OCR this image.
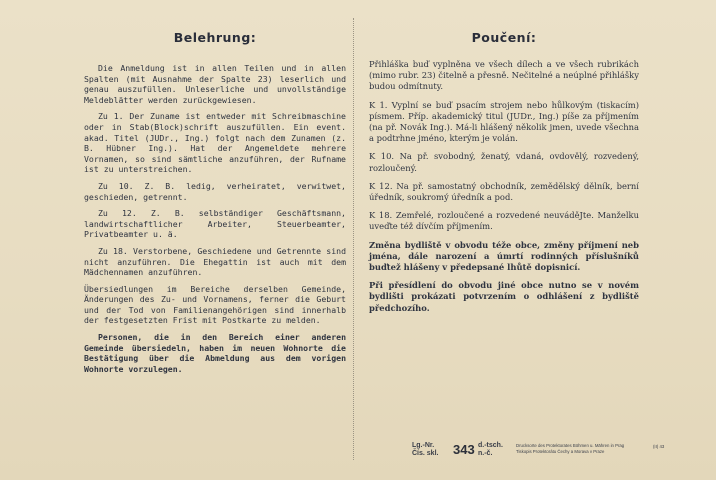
Belehrung:

Die Anmeldung ist in allen Teilen und in allen Spalten (mit Ausnahme der Spalte 23) leserlich und genau auszufüllen. Unleserliche und unvollständige Meldeblätter werden zurückgewiesen.

Zu 1. Der Zuname ist entweder mit Schreibmaschine oder in Stab(Block)schrift auszufüllen. Ein event. akad. Titel (JUDr., Ing.) folgt nach dem Zunamen (z. B. Hübner Ing.). Hat der Angemeldete mehrere Vornamen, so sind sämtliche anzuführen, der Rufname ist zu unterstreichen.

Zu 10. Z. B. ledig, verheiratet, verwitwet, geschieden, getrennt.

Zu 12. Z. B. selbständiger Geschäftsmann, landwirtschaftlicher Arbeiter, Steuerbeamter, Privatbeamter u. ä.

Zu 18. Verstorbene, Geschiedene und Getrennte sind nicht anzuführen. Die Ehegattin ist auch mit dem Mädchennamen anzuführen.

Übersiedlungen im Bereiche derselben Gemeinde, Änderungen des Zu- und Vornamens, ferner die Geburt und der Tod von Familienangehörigen sind innerhalb der festgesetzten Frist mit Postkarte zu melden.

Personen, die in den Bereich einer anderen Gemeinde übersiedeln, haben im neuen Wohnorte die Bestätigung über die Abmeldung aus dem vorigen Wohnorte vorzulegen.

Poučení:

Přihláška buď vyplněna ve všech dílech a ve všech rubrikách (mimo rubr. 23) čitelně a přesně. Nečitelné a neúplné přihlášky budou odmítnuty.

K 1. Vyplní se buď psacím strojem nebo hůlkovým (tiskacím) písmem. Příp. akademický titul (JUDr., Ing.) píše za příjmením (na př. Novák Ing.). Má-li hlášený několik jmen, uvede všechna a podtrhne jméno, kterým je volán.

K 10. Na př. svobodný, ženatý, vdaná, ovdovělý, rozvedený, rozloučený.

K 12. Na př. samostatný obchodník, zemědělský dělník, berní úředník, soukromý úředník a pod.

K 18. Zemřelé, rozloučené a rozvedené neuváděJte. Manželku uveďte též dívčím příjmením.

Změna bydliště v obvodu téže obce, změny příjmení neb jména, dále narození a úmrtí rodinných příslušníků buďtež hlášeny v předepsané lhůtě dopisnicí.

Při přesídlení do obvodu jiné obce nutno se v novém bydlišti prokázati potvrzením o odhlášení z bydliště předchozího.

Lg.-Nr.
Čís. skl. 343 d.-tsch.
n.-č.
Drucksorte des Protektorates Böhmen u. Mähren in Prag
Tiskopis Protektorátu Čechy a Morava v Praze
(II) 43
